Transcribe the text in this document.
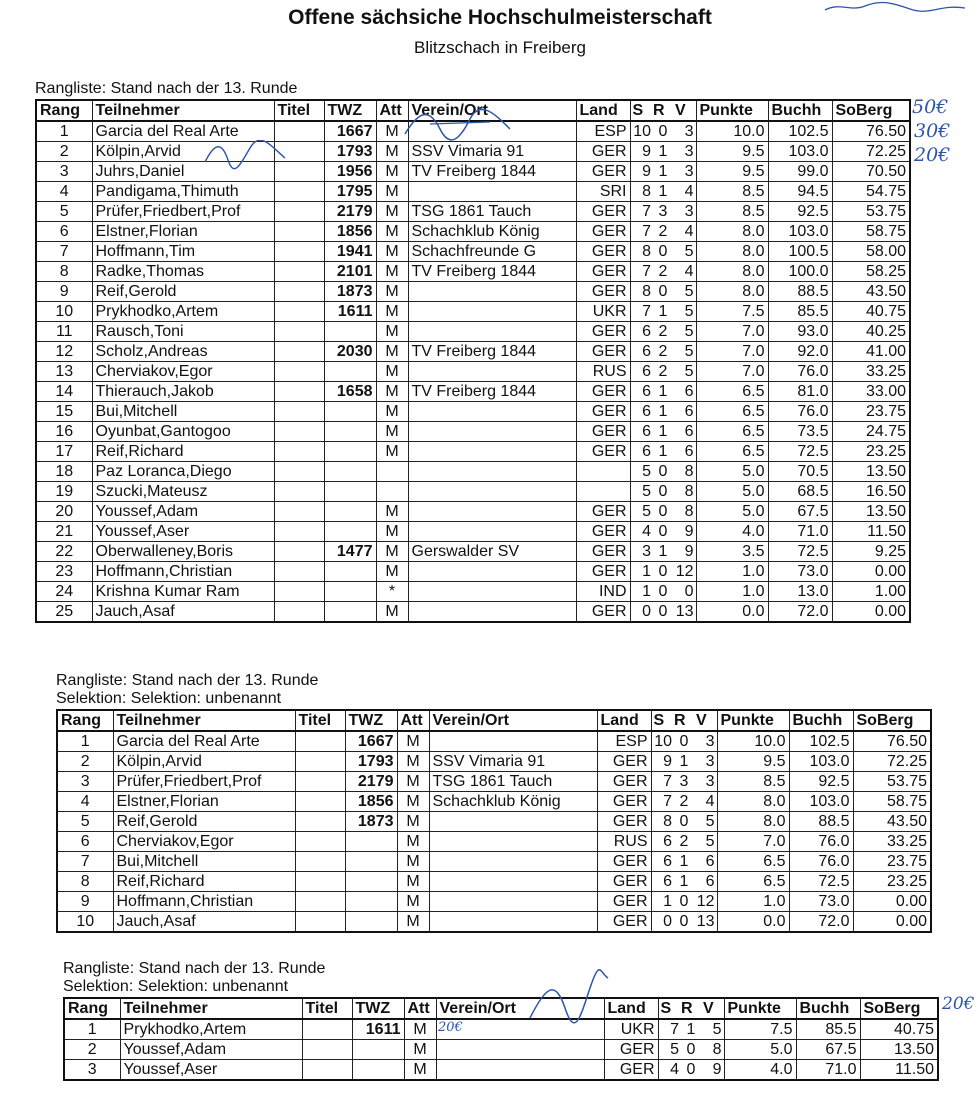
Offene sächsiche Hochschulmeisterschaft
Blitzschach in Freiberg
Rangliste: Stand nach der 13. Runde
Rang	Teilnehmer	Titel	TWZ	Att	Verein/Ort	Land	S	R	V	Punkte	Buchh	SoBerg
1	Garcia del Real Arte		1667	M		ESP	10	0	3	10.0	102.5	76.50
2	Kölpin,Arvid		1793	M	SSV Vimaria 91	GER	9	1	3	9.5	103.0	72.25
3	Juhrs,Daniel		1956	M	TV Freiberg 1844	GER	9	1	3	9.5	99.0	70.50
4	Pandigama,Thimuth		1795	M		SRI	8	1	4	8.5	94.5	54.75
5	Prüfer,Friedbert,Prof		2179	M	TSG 1861 Tauch	GER	7	3	3	8.5	92.5	53.75
6	Elstner,Florian		1856	M	Schachklub König	GER	7	2	4	8.0	103.0	58.75
7	Hoffmann,Tim		1941	M	Schachfreunde G	GER	8	0	5	8.0	100.5	58.00
8	Radke,Thomas		2101	M	TV Freiberg 1844	GER	7	2	4	8.0	100.0	58.25
9	Reif,Gerold		1873	M		GER	8	0	5	8.0	88.5	43.50
10	Prykhodko,Artem		1611	M		UKR	7	1	5	7.5	85.5	40.75
11	Rausch,Toni			M		GER	6	2	5	7.0	93.0	40.25
12	Scholz,Andreas		2030	M	TV Freiberg 1844	GER	6	2	5	7.0	92.0	41.00
13	Cherviakov,Egor			M		RUS	6	2	5	7.0	76.0	33.25
14	Thierauch,Jakob		1658	M	TV Freiberg 1844	GER	6	1	6	6.5	81.0	33.00
15	Bui,Mitchell			M		GER	6	1	6	6.5	76.0	23.75
16	Oyunbat,Gantogoo			M		GER	6	1	6	6.5	73.5	24.75
17	Reif,Richard			M		GER	6	1	6	6.5	72.5	23.25
18	Paz Loranca,Diego						5	0	8	5.0	70.5	13.50
19	Szucki,Mateusz						5	0	8	5.0	68.5	16.50
20	Youssef,Adam			M		GER	5	0	8	5.0	67.5	13.50
21	Youssef,Aser			M		GER	4	0	9	4.0	71.0	11.50
22	Oberwalleney,Boris		1477	M	Gerswalder SV	GER	3	1	9	3.5	72.5	9.25
23	Hoffmann,Christian			M		GER	1	0	12	1.0	73.0	0.00
24	Krishna Kumar Ram			*		IND	1	0	0	1.0	13.0	1.00
25	Jauch,Asaf			M		GER	0	0	13	0.0	72.0	0.00
Rangliste: Stand nach der 13. Runde
Selektion: Selektion: unbenannt
Rang	Teilnehmer	Titel	TWZ	Att	Verein/Ort	Land	S	R	V	Punkte	Buchh	SoBerg
1	Garcia del Real Arte		1667	M		ESP	10	0	3	10.0	102.5	76.50
2	Kölpin,Arvid		1793	M	SSV Vimaria 91	GER	9	1	3	9.5	103.0	72.25
3	Prüfer,Friedbert,Prof		2179	M	TSG 1861 Tauch	GER	7	3	3	8.5	92.5	53.75
4	Elstner,Florian		1856	M	Schachklub König	GER	7	2	4	8.0	103.0	58.75
5	Reif,Gerold		1873	M		GER	8	0	5	8.0	88.5	43.50
6	Cherviakov,Egor			M		RUS	6	2	5	7.0	76.0	33.25
7	Bui,Mitchell			M		GER	6	1	6	6.5	76.0	23.75
8	Reif,Richard			M		GER	6	1	6	6.5	72.5	23.25
9	Hoffmann,Christian			M		GER	1	0	12	1.0	73.0	0.00
10	Jauch,Asaf			M		GER	0	0	13	0.0	72.0	0.00
Rangliste: Stand nach der 13. Runde
Selektion: Selektion: unbenannt
Rang	Teilnehmer	Titel	TWZ	Att	Verein/Ort	Land	S	R	V	Punkte	Buchh	SoBerg
1	Prykhodko,Artem		1611	M		UKR	7	1	5	7.5	85.5	40.75
2	Youssef,Adam			M		GER	5	0	8	5.0	67.5	13.50
3	Youssef,Aser			M		GER	4	0	9	4.0	71.0	11.50
50€
30€
20€
20€
20€
